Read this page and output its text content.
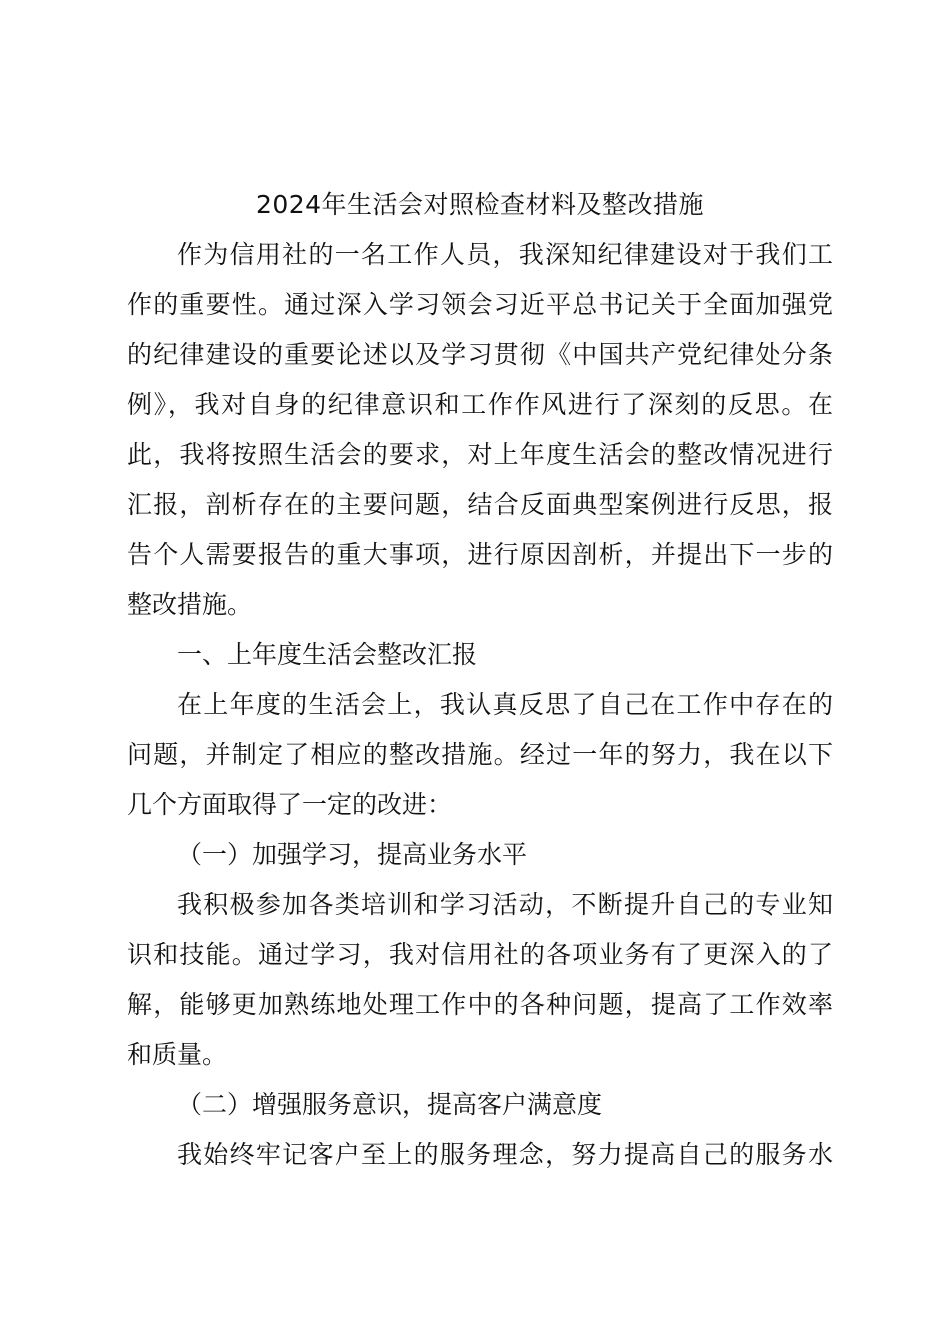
2024年生活会对照检查材料及整改措施
作为信用社的一名工作人员，我深知纪律建设对于我们工
作的重要性。通过深入学习领会习近平总书记关于全面加强党
的纪律建设的重要论述以及学习贯彻《中国共产党纪律处分条
例》，我对自身的纪律意识和工作作风进行了深刻的反思。在
此，我将按照生活会的要求，对上年度生活会的整改情况进行
汇报，剖析存在的主要问题，结合反面典型案例进行反思，报
告个人需要报告的重大事项，进行原因剖析，并提出下一步的
整改措施。
一、上年度生活会整改汇报
在上年度的生活会上，我认真反思了自己在工作中存在的
问题，并制定了相应的整改措施。经过一年的努力，我在以下
几个方面取得了一定的改进：
（一）加强学习，提高业务水平
我积极参加各类培训和学习活动，不断提升自己的专业知
识和技能。通过学习，我对信用社的各项业务有了更深入的了
解，能够更加熟练地处理工作中的各种问题，提高了工作效率
和质量。
（二）增强服务意识，提高客户满意度
我始终牢记客户至上的服务理念，努力提高自己的服务水
